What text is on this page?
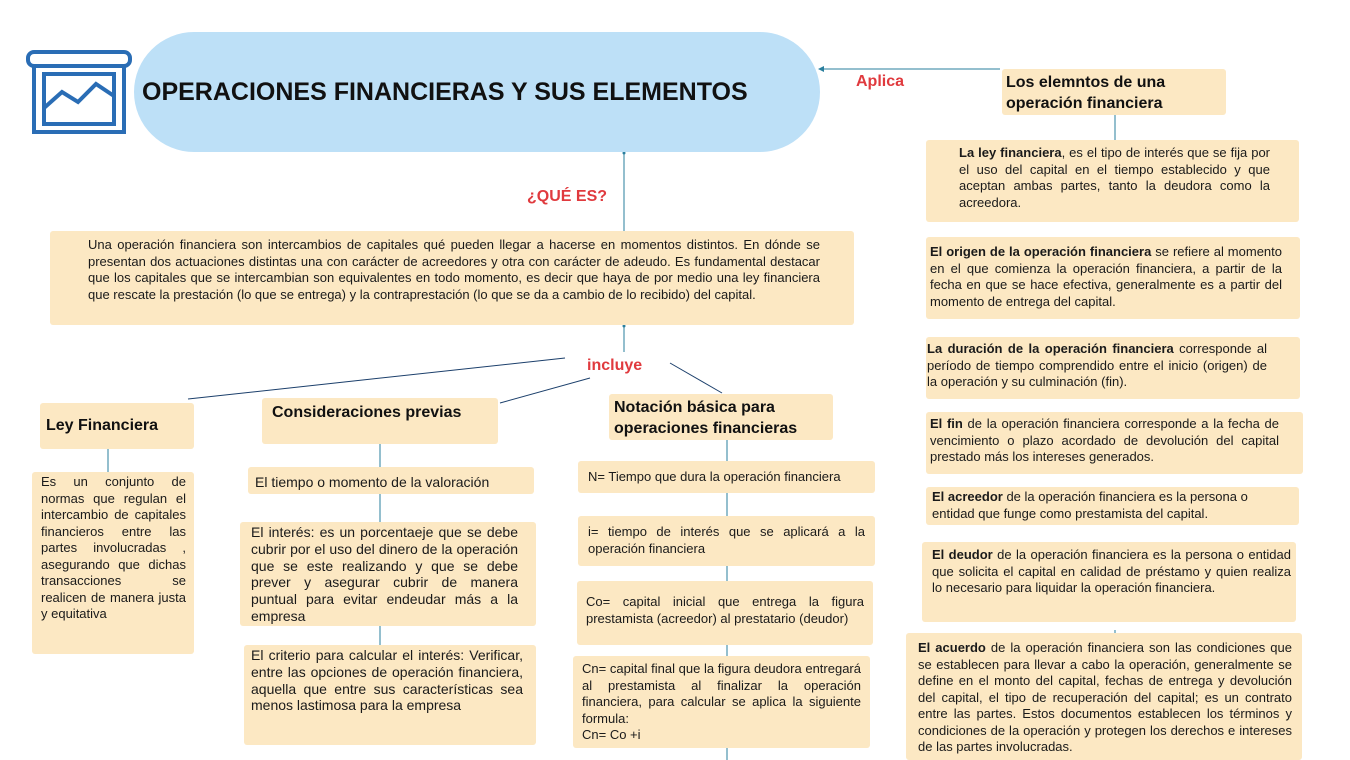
OPERACIONES FINANCIERAS Y SUS ELEMENTOS	Aplica
¿QUÉ ES?
incluye
Una operación financiera son intercambios de capitales qué pueden llegar a hacerse en momentos distintos. En dónde se presentan dos actuaciones distintas una con carácter de acreedores y otra con carácter de adeudo. Es fundamental destacar que los capitales que se intercambian son equivalentes en todo momento, es decir que haya de por medio una ley financiera que rescate la prestación (lo que se entrega) y la contraprestación (lo que se da a cambio de lo recibido) del capital.
Ley Financiera
Es un conjunto de normas que regulan el intercambio de capitales financieros entre las partes involucradas , asegurando que dichas transacciones se realicen de manera justa y equitativa
Consideraciones previas
El tiempo o momento de la valoración
El interés: es un porcentaeje que se debe cubrir por el uso del dinero de la operación que se este realizando y que se debe prever y asegurar cubrir de manera puntual para evitar endeudar más a la empresa
El criterio para calcular el interés: Verificar, entre las opciones de operación financiera, aquella que entre sus características sea menos lastimosa para la empresa
Notación básica para operaciones financieras
N= Tiempo que dura la operación financiera
i= tiempo de interés que se aplicará a la operación financiera
Co= capital inicial que entrega la figura prestamista (acreedor) al prestatario (deudor)
Cn= capital final que la figura deudora entregará al prestamista al finalizar la operación financiera, para calcular se aplica la siguiente formula:
Cn= Co +i
Los elemntos de una operación financiera
La ley financiera, es el tipo de interés que se fija por el uso del capital en el tiempo establecido y que aceptan ambas partes, tanto la deudora como la acreedora.
El origen de la operación financiera se refiere al momento en el que comienza la operación financiera, a partir de la fecha en que se hace efectiva, generalmente es a partir del momento de entrega del capital.
La duración de la operación financiera corresponde al período de tiempo comprendido entre el inicio (origen) de la operación y su culminación (fin).
El fin de la operación financiera corresponde a la fecha de vencimiento o plazo acordado de devolución del capital prestado más los intereses generados.
El acreedor de la operación financiera es la persona o entidad que funge como prestamista del capital.
El deudor de la operación financiera es la persona o entidad que solicita el capital en calidad de préstamo y quien realiza lo necesario para liquidar la operación financiera.
El acuerdo de la operación financiera son las condiciones que se establecen para llevar a cabo la operación, generalmente se define en el monto del capital, fechas de entrega y devolución del capital, el tipo de recuperación del capital; es un contrato entre las partes. Estos documentos establecen los términos y condiciones de la operación y protegen los derechos e intereses de las partes involucradas.
